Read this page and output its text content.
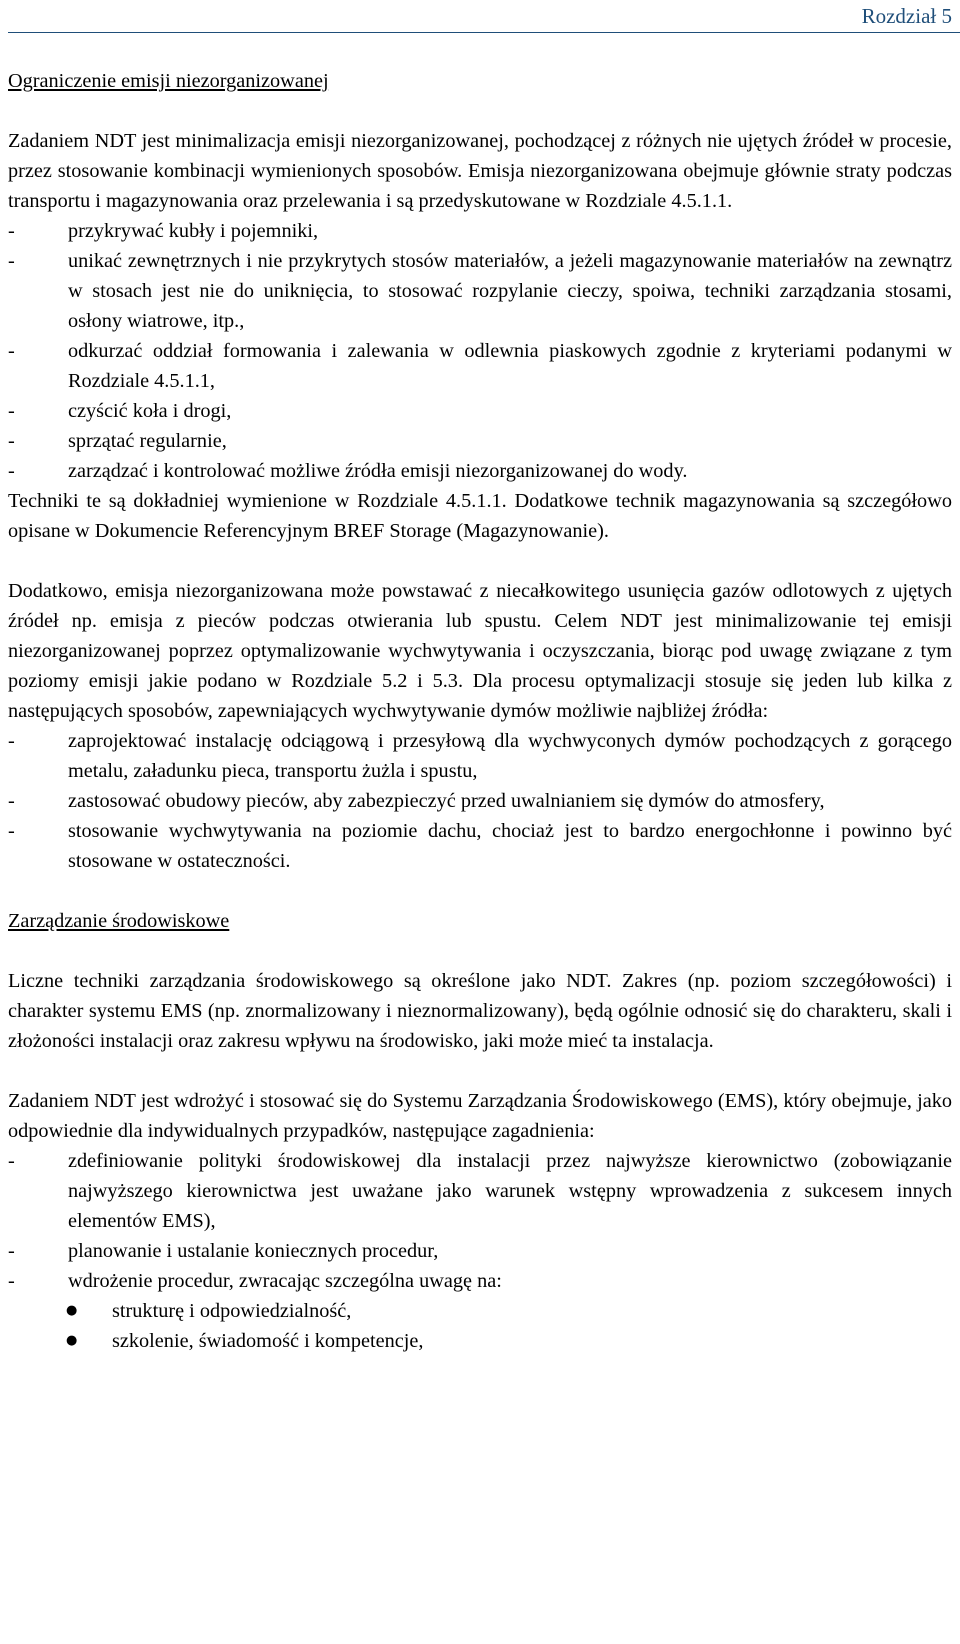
Rozdział 5

Ograniczenie emisji niezorganizowanej

Zadaniem NDT jest minimalizacja emisji niezorganizowanej, pochodzącej z różnych nie ujętych źródeł w procesie, przez stosowanie kombinacji wymienionych sposobów. Emisja niezorganizowana obejmuje głównie straty podczas transportu i magazynowania oraz przelewania i są przedyskutowane w Rozdziale 4.5.1.1.

- przykrywać kubły i pojemniki,
- unikać zewnętrznych i nie przykrytych stosów materiałów, a jeżeli magazynowanie materiałów na zewnątrz w stosach jest nie do uniknięcia, to stosować rozpylanie cieczy, spoiwa, techniki zarządzania stosami, osłony wiatrowe, itp.,
- odkurzać oddział formowania i zalewania w odlewnia piaskowych zgodnie z kryteriami podanymi w Rozdziale 4.5.1.1,
- czyścić koła i drogi,
- sprzątać regularnie,
- zarządzać i kontrolować możliwe źródła emisji niezorganizowanej do wody.

Techniki te są dokładniej wymienione w Rozdziale 4.5.1.1. Dodatkowe technik magazynowania są szczegółowo opisane w Dokumencie Referencyjnym BREF Storage (Magazynowanie).

Dodatkowo, emisja niezorganizowana może powstawać z niecałkowitego usunięcia gazów odlotowych z ujętych źródeł np. emisja z pieców podczas otwierania lub spustu. Celem NDT jest minimalizowanie tej emisji niezorganizowanej poprzez optymalizowanie wychwytywania i oczyszczania, biorąc pod uwagę związane z tym poziomy emisji jakie podano w Rozdziale 5.2 i 5.3. Dla procesu optymalizacji stosuje się jeden lub kilka z następujących sposobów, zapewniających wychwytywanie dymów możliwie najbliżej źródła:

- zaprojektować instalację odciągową i przesyłową dla wychwyconych dymów pochodzących z gorącego metalu, załadunku pieca, transportu żużla i spustu,
- zastosować obudowy pieców, aby zabezpieczyć przed uwalnianiem się dymów do atmosfery,
- stosowanie wychwytywania na poziomie dachu, chociaż jest to bardzo energochłonne i powinno być stosowane w ostateczności.

Zarządzanie środowiskowe

Liczne techniki zarządzania środowiskowego są określone jako NDT. Zakres (np. poziom szczegółowości) i charakter systemu EMS (np. znormalizowany i nieznormalizowany), będą ogólnie odnosić się do charakteru, skali i złożoności instalacji oraz zakresu wpływu na środowisko, jaki może mieć ta instalacja.

Zadaniem NDT jest wdrożyć i stosować się do Systemu Zarządzania Środowiskowego (EMS), który obejmuje, jako odpowiednie dla indywidualnych przypadków, następujące zagadnienia:

- zdefiniowanie polityki środowiskowej dla instalacji przez najwyższe kierownictwo (zobowiązanie najwyższego kierownictwa jest uważane jako warunek wstępny wprowadzenia z sukcesem innych elementów EMS),
- planowanie i ustalanie koniecznych procedur,
- wdrożenie procedur, zwracając szczególna uwagę na:
● strukturę i odpowiedzialność,
● szkolenie, świadomość i kompetencje,
